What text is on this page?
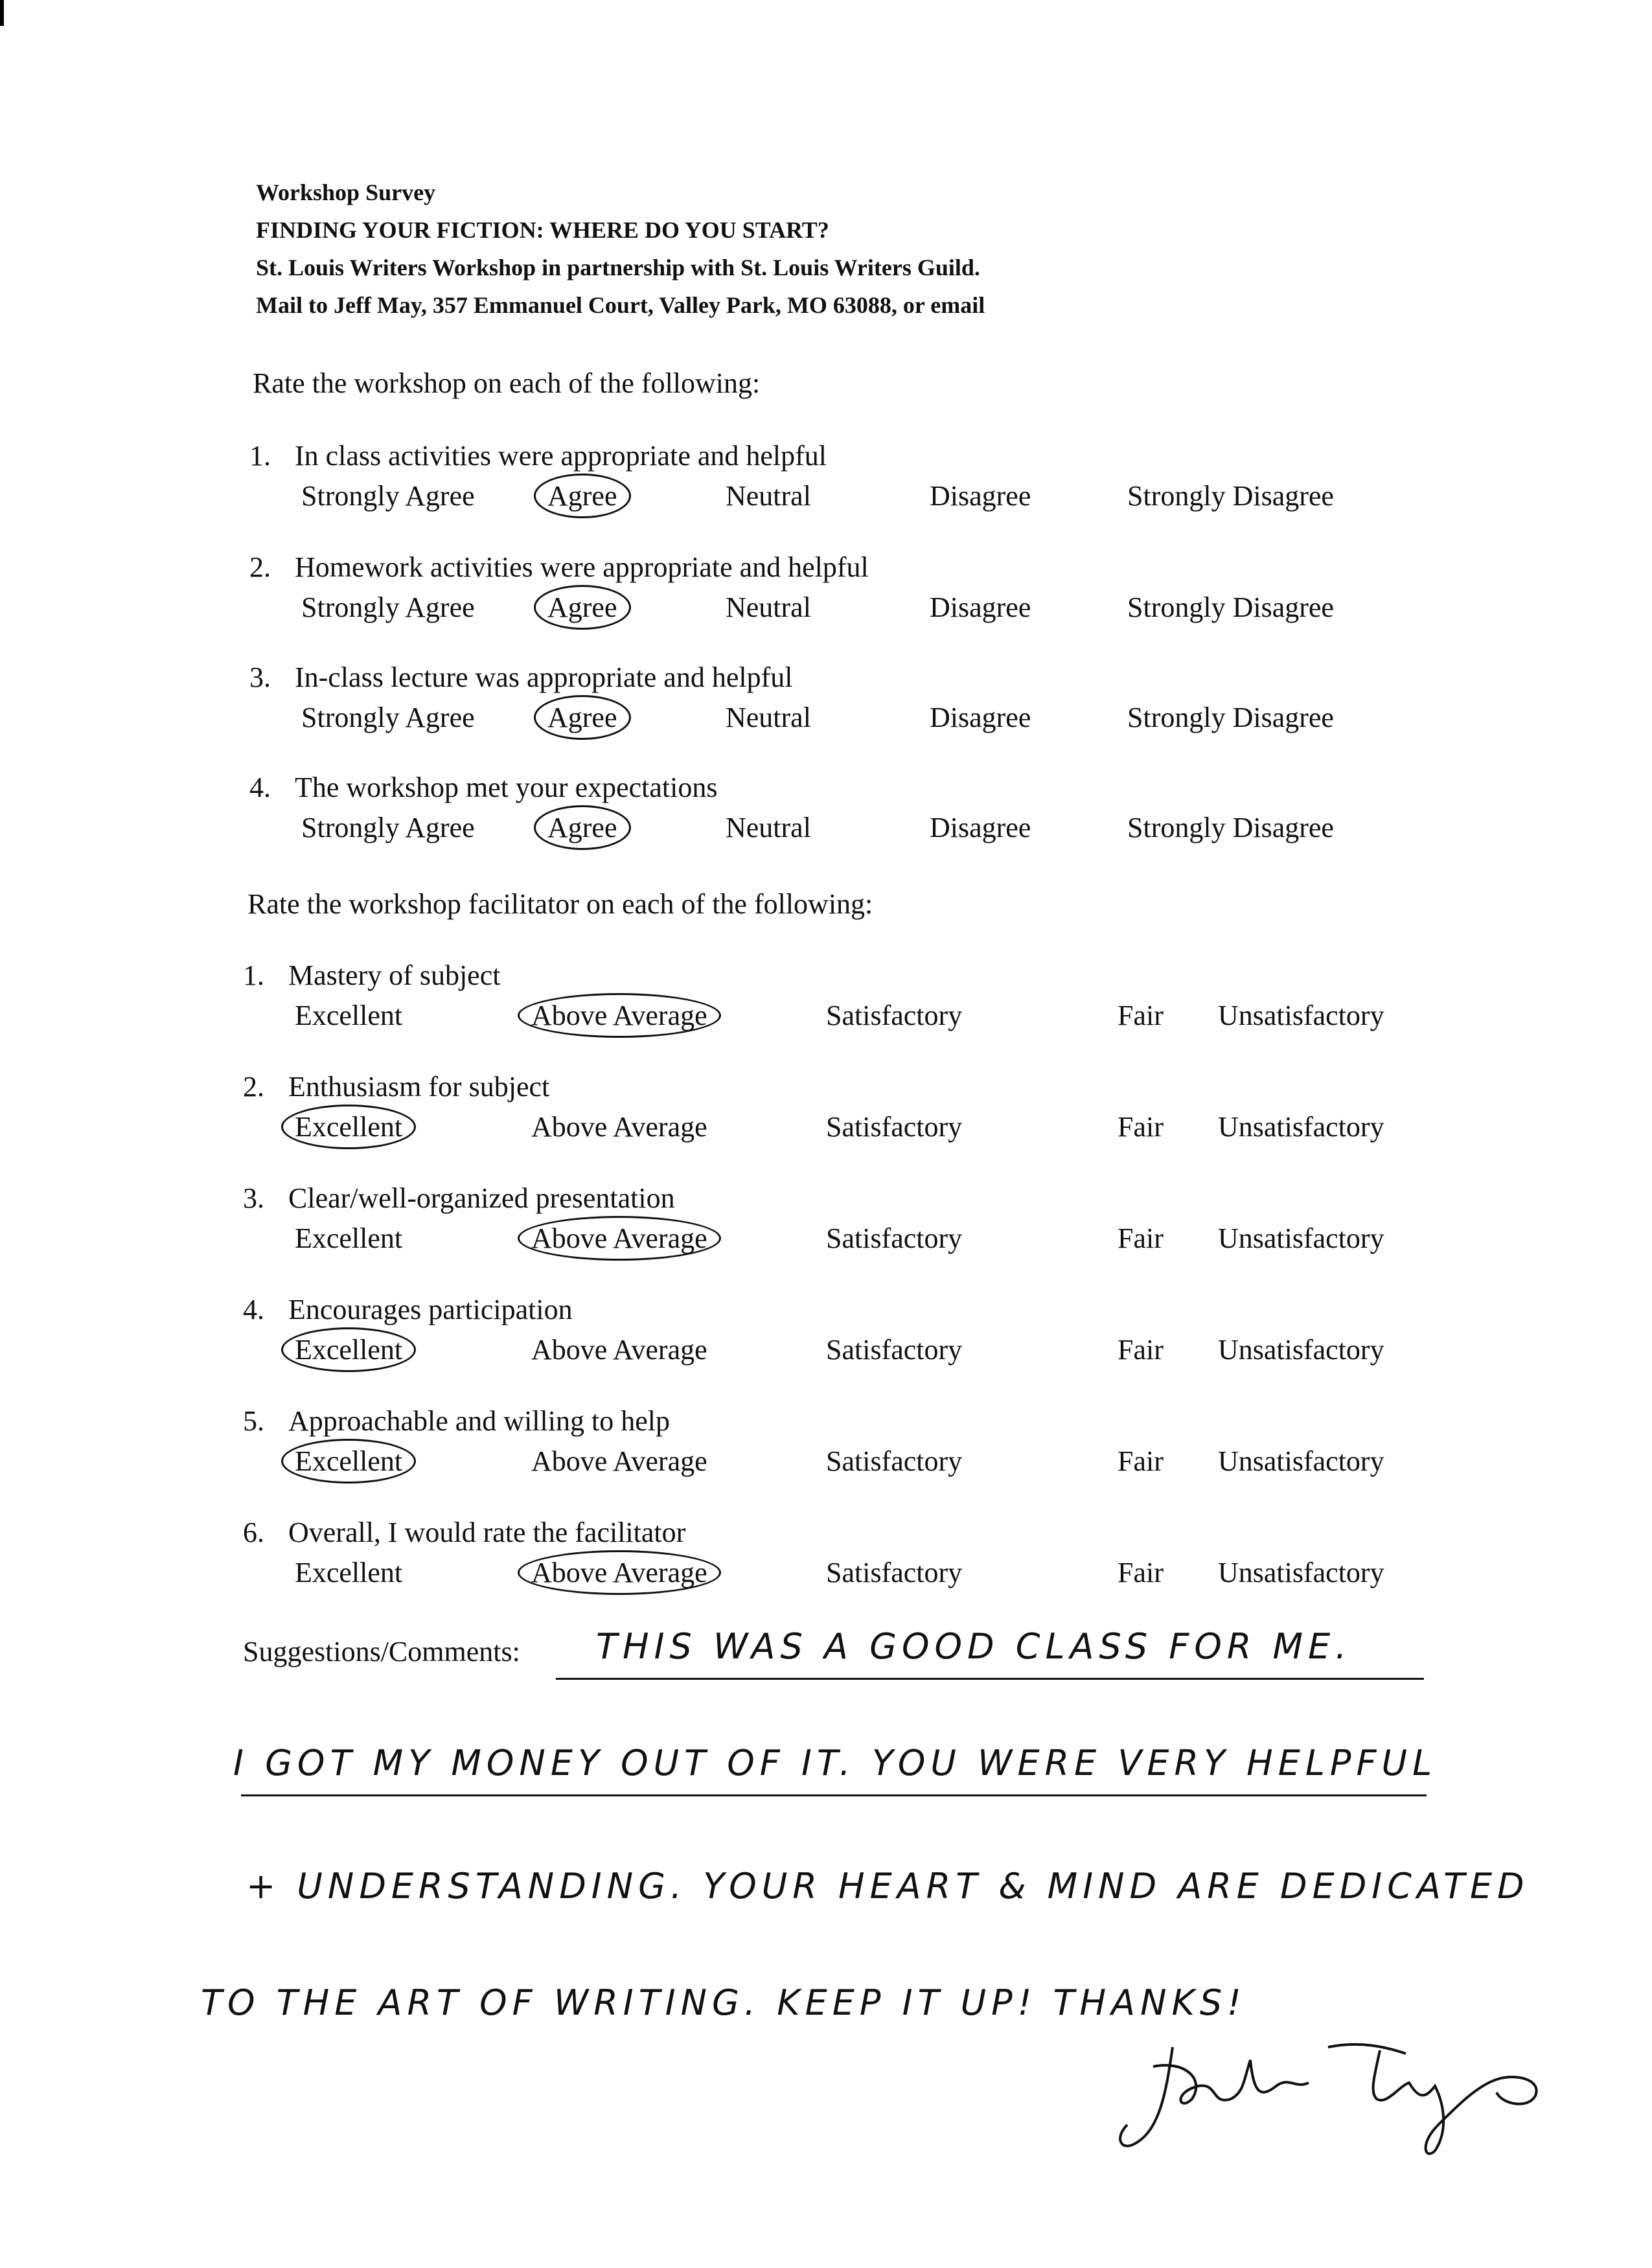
Workshop Survey
FINDING YOUR FICTION: WHERE DO YOU START?
St. Louis Writers Workshop in partnership with St. Louis Writers Guild.
Mail to Jeff May, 357 Emmanuel Court, Valley Park, MO 63088, or email
Rate the workshop on each of the following:
1. In class activities were appropriate and helpful
Strongly Agree	Agree	Neutral	Disagree	Strongly Disagree
2. Homework activities were appropriate and helpful
Strongly Agree	Agree	Neutral	Disagree	Strongly Disagree
3. In-class lecture was appropriate and helpful
Strongly Agree	Agree	Neutral	Disagree	Strongly Disagree
4. The workshop met your expectations
Strongly Agree	Agree	Neutral	Disagree	Strongly Disagree
Rate the workshop facilitator on each of the following:
1. Mastery of subject
Excellent	Above Average	Satisfactory	Fair Unsatisfactory
2. Enthusiasm for subject
Excellent	Above Average	Satisfactory	Fair Unsatisfactory
3. Clear/well-organized presentation
Excellent	Above Average	Satisfactory	Fair Unsatisfactory
4. Encourages participation
Excellent	Above Average	Satisfactory	Fair Unsatisfactory
5. Approachable and willing to help
Excellent	Above Average	Satisfactory	Fair Unsatisfactory
6. Overall, I would rate the facilitator
Excellent	Above Average	Satisfactory	Fair Unsatisfactory
Suggestions/Comments: THIS WAS A GOOD CLASS FOR ME.
I GOT MY MONEY OUT OF IT. YOU WERE VERY HELPFUL
+ UNDERSTANDING. YOUR HEART & MIND ARE DEDICATED
TO THE ART OF WRITING. KEEP IT UP! THANKS!
